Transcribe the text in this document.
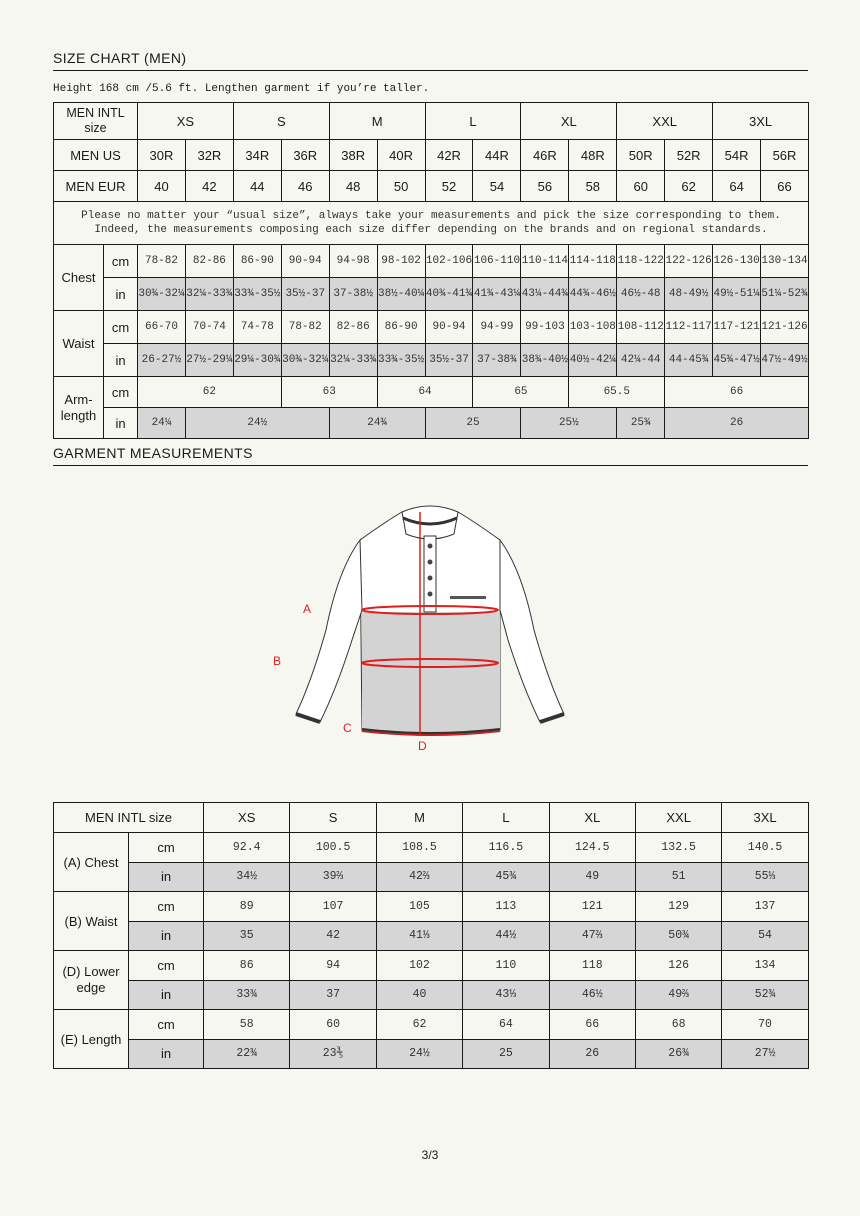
SIZE CHART (MEN)
Height 168 cm /5.6 ft. Lengthen garment if you’re taller.
MEN INTL size		XS		S		M		L		XL		XXL		3XL	
MEN US		30R	32R	34R	36R	38R	40R	42R	44R	46R	48R	50R	52R	54R	56R
MEN EUR		40	42	44	46	48	50	52	54	56	58	60	62	64	66

Please no matter your “usual size”, always take your measurements and pick the size corresponding to them.
Indeed, the measurements composing each size differ depending on the brands and on regional standards.															

Chest	cm	78-82	82-86	86-90	90-94	94-98	98-102	102-106	106-110	110-114	114-118	118-122	122-126	126-130	130-134
	in	30¾-32¼	32¼-33¾	33¾-35½	35½-37	37-38½	38½-40¼	40¾-41¾	41¾-43¼	43¼-44¾	44¾-46½	46½-48	48-49½	49½-51¼	51¼-52¾
Waist	cm	66-70	70-74	74-78	78-82	82-86	86-90	90-94	94-99	99-103	103-108	108-112	112-117	117-121	121-126
	in	26-27½	27½-29¼	29¼-30¾	30¾-32¼	32¼-33¾	33¾-35½	35½-37	37-38¾	38¾-40½	40½-42¼	42¼-44	44-45¾	45¾-47½	47½-49½

Arm-
length	cm	62			63		64		65		65.5		66		
	in	24¼	24½			24¾		25		25½		25¾	26		
GARMENT MEASUREMENTS
A
B
C
D
MEN INTL size		XS	S	M	L	XL	XXL	3XL
(A) Chest	cm	92.4	100.5	108.5	116.5	124.5	132.5	140.5
	in	34½	39⅔	42⅔	45¾	49	51	55⅓
(B) Waist	cm	89	107	105	113	121	129	137
	in	35	42	41⅓	44½	47⅔	50¾	54

(D) Lower
edge	cm	86	94	102	110	118	126	134
	in	33¾	37	40	43⅓	46½	49⅔	52¾
(E) Length	cm	58	60	62	64	66	68	70
	in	22¾	23⅗	24½	25	26	26¾	27½
3/3
